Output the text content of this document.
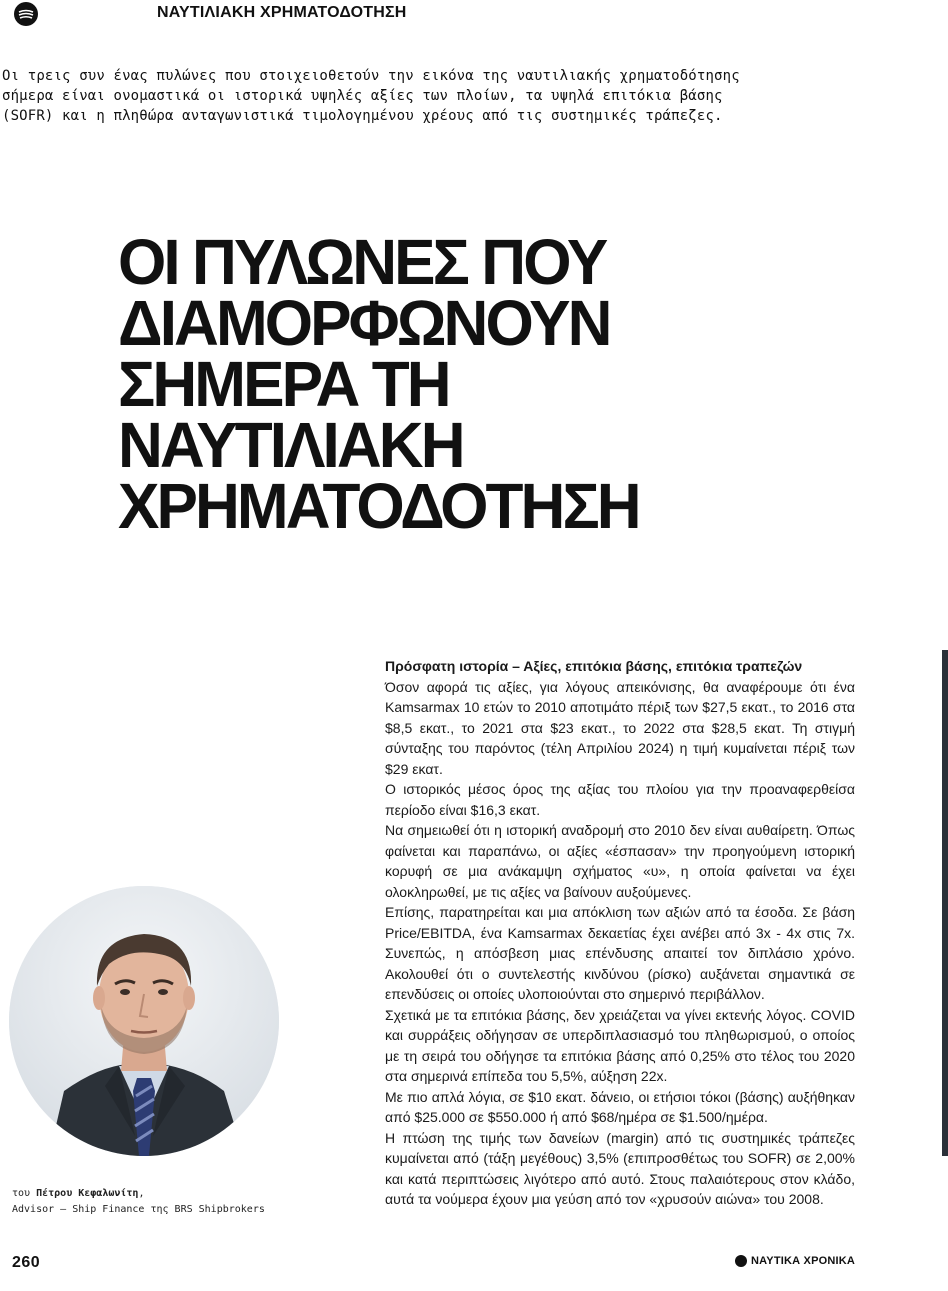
ΝΑΥΤΙΛΙΑΚΗ ΧΡΗΜΑΤΟΔΟΤΗΣΗ
Οι τρεις συν ένας πυλώνες που στοιχειοθετούν την εικόνα της ναυτιλιακής χρηματοδότησης
σήμερα είναι ονομαστικά οι ιστορικά υψηλές αξίες των πλοίων, τα υψηλά επιτόκια βάσης
(SOFR) και η πληθώρα ανταγωνιστικά τιμολογημένου χρέους από τις συστημικές τράπεζες.
ΟΙ ΠΥΛΩΝΕΣ ΠΟΥ
ΔΙΑΜΟΡΦΩΝΟΥΝ
ΣΗΜΕΡΑ ΤΗ
ΝΑΥΤΙΛΙΑΚΗ
ΧΡΗΜΑΤΟΔΟΤΗΣΗ

Πρόσφατη ιστορία – Αξίες, επιτόκια βάσης, επιτόκια τραπεζών

Όσον αφορά τις αξίες, για λόγους απεικόνισης, θα αναφέρουμε ότι ένα Kamsarmax 10 ετών το 2010 αποτιμάτο πέριξ των $27,5 εκατ., το 2016 στα $8,5 εκατ., το 2021 στα $23 εκατ., το 2022 στα $28,5 εκατ. Τη στιγμή σύνταξης του παρόντος (τέλη Απριλίου 2024) η τιμή κυμαίνεται πέριξ των $29 εκατ.

Ο ιστορικός μέσος όρος της αξίας του πλοίου για την προαναφερθείσα περίοδο είναι $16,3 εκατ.

Να σημειωθεί ότι η ιστορική αναδρομή στο 2010 δεν είναι αυθαίρετη. Όπως φαίνεται και παραπάνω, οι αξίες «έσπασαν» την προηγούμενη ιστορική κορυφή σε μια ανάκαμψη σχήματος «υ», η οποία φαίνεται να έχει ολοκληρωθεί, με τις αξίες να βαίνουν αυξούμενες.

Επίσης, παρατηρείται και μια απόκλιση των αξιών από τα έσοδα. Σε βάση Price/EBITDA, ένα Kamsarmax δεκαετίας έχει ανέβει από 3x - 4x στις 7x. Συνεπώς, η απόσβεση μιας επένδυσης απαιτεί τον διπλάσιο χρόνο. Ακολουθεί ότι ο συντελεστής κινδύνου (ρίσκο) αυξάνεται σημαντικά σε επενδύσεις οι οποίες υλοποιούνται στο σημερινό περιβάλλον.

Σχετικά με τα επιτόκια βάσης, δεν χρειάζεται να γίνει εκτενής λόγος. COVID και συρράξεις οδήγησαν σε υπερδιπλασιασμό του πληθωρισμού, ο οποίος με τη σειρά του οδήγησε τα επιτόκια βάσης από 0,25% στο τέλος του 2020 στα σημερινά επίπεδα του 5,5%, αύξηση 22x.

Με πιο απλά λόγια, σε $10 εκατ. δάνειο, οι ετήσιοι τόκοι (βάσης) αυξήθηκαν από $25.000 σε $550.000 ή από $68/ημέρα σε $1.500/ημέρα.

Η πτώση της τιμής των δανείων (margin) από τις συστημικές τράπεζες κυμαίνεται από (τάξη μεγέθους) 3,5% (επιπροσθέτως του SOFR) σε 2,00% και κατά περιπτώσεις λιγότερο από αυτό. Στους παλαιότερους στον κλάδο, αυτά τα νούμερα έχουν μια γεύση από τον «χρυσούν αιώνα» του 2008.

του Πέτρου Κεφαλωνίτη,
Advisor – Ship Finance της BRS Shipbrokers
260	ΝΑΥΤΙΚΑ ΧΡΟΝΙΚΑ
